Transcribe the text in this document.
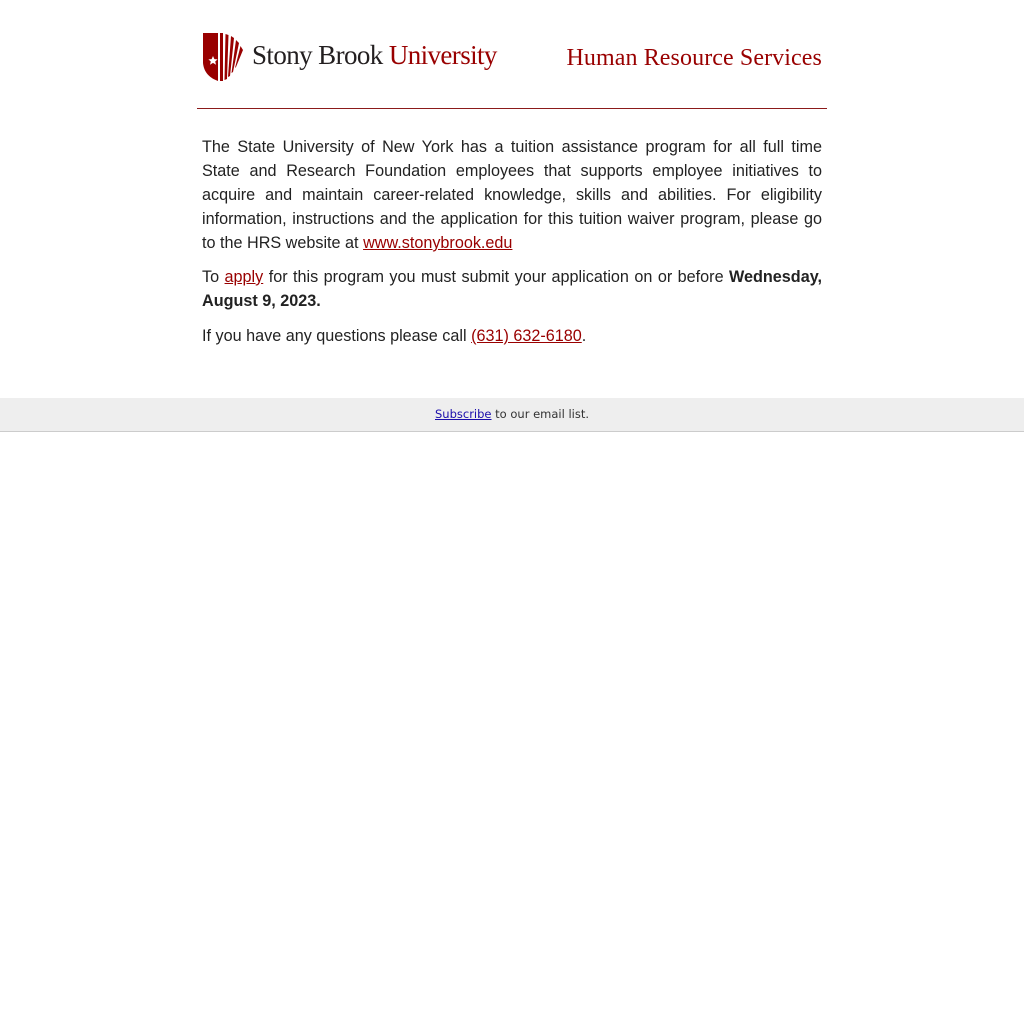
Stony Brook University	Human Resource Services

The State University of New York has a tuition assistance program for all full time State and Research Foundation employees that supports employee initiatives to acquire and maintain career-related knowledge, skills and abilities. For eligibility information, instructions and the application for this tuition waiver program, please go to the HRS website at www.stonybrook.edu

To apply for this program you must submit your application on or before Wednesday, August 9, 2023.

If you have any questions please call (631) 632-6180.

Subscribe to our email list.
